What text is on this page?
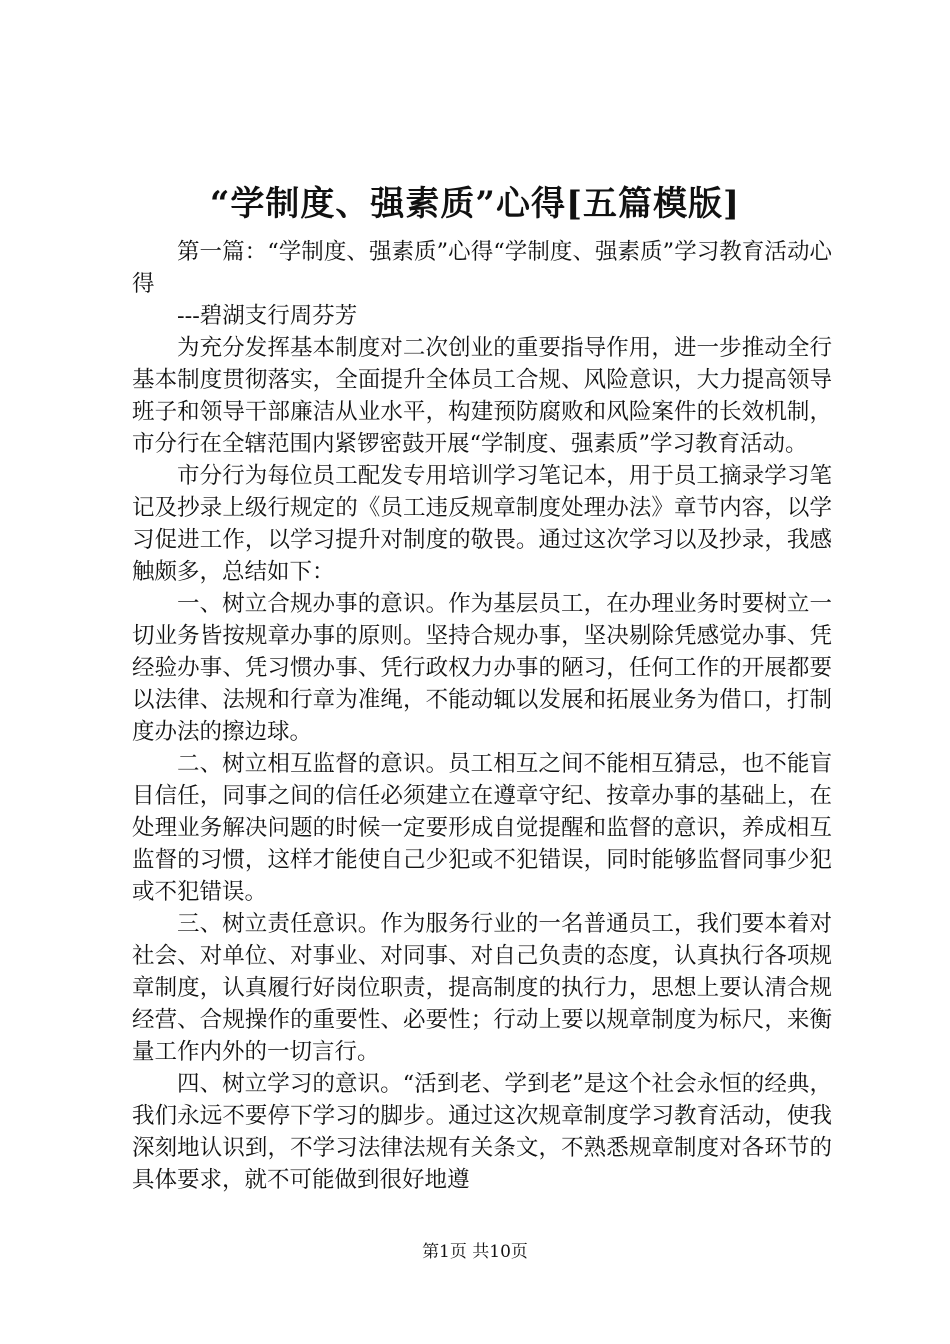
“学制度、强素质”心得[五篇模版]

第一篇：“学制度、强素质”心得“学制度、强素质”学习教育活动心得

---碧湖支行周芬芳

为充分发挥基本制度对二次创业的重要指导作用，进一步推动全行基本制度贯彻落实，全面提升全体员工合规、风险意识，大力提高领导班子和领导干部廉洁从业水平，构建预防腐败和风险案件的长效机制，市分行在全辖范围内紧锣密鼓开展“学制度、强素质”学习教育活动。

市分行为每位员工配发专用培训学习笔记本，用于员工摘录学习笔记及抄录上级行规定的《员工违反规章制度处理办法》章节内容，以学习促进工作，以学习提升对制度的敬畏。通过这次学习以及抄录，我感触颇多，总结如下：

一、树立合规办事的意识。作为基层员工，在办理业务时要树立一切业务皆按规章办事的原则。坚持合规办事，坚决剔除凭感觉办事、凭经验办事、凭习惯办事、凭行政权力办事的陋习，任何工作的开展都要以法律、法规和行章为准绳，不能动辄以发展和拓展业务为借口，打制度办法的擦边球。

二、树立相互监督的意识。员工相互之间不能相互猜忌，也不能盲目信任，同事之间的信任必须建立在遵章守纪、按章办事的基础上，在处理业务解决问题的时候一定要形成自觉提醒和监督的意识，养成相互监督的习惯，这样才能使自己少犯或不犯错误，同时能够监督同事少犯或不犯错误。

三、树立责任意识。作为服务行业的一名普通员工，我们要本着对社会、对单位、对事业、对同事、对自己负责的态度，认真执行各项规章制度，认真履行好岗位职责，提高制度的执行力，思想上要认清合规经营、合规操作的重要性、必要性；行动上要以规章制度为标尺，来衡量工作内外的一切言行。

四、树立学习的意识。“活到老、学到老”是这个社会永恒的经典，我们永远不要停下学习的脚步。通过这次规章制度学习教育活动，使我深刻地认识到，不学习法律法规有关条文，不熟悉规章制度对各环节的具体要求，就不可能做到很好地遵

第1页 共10页
